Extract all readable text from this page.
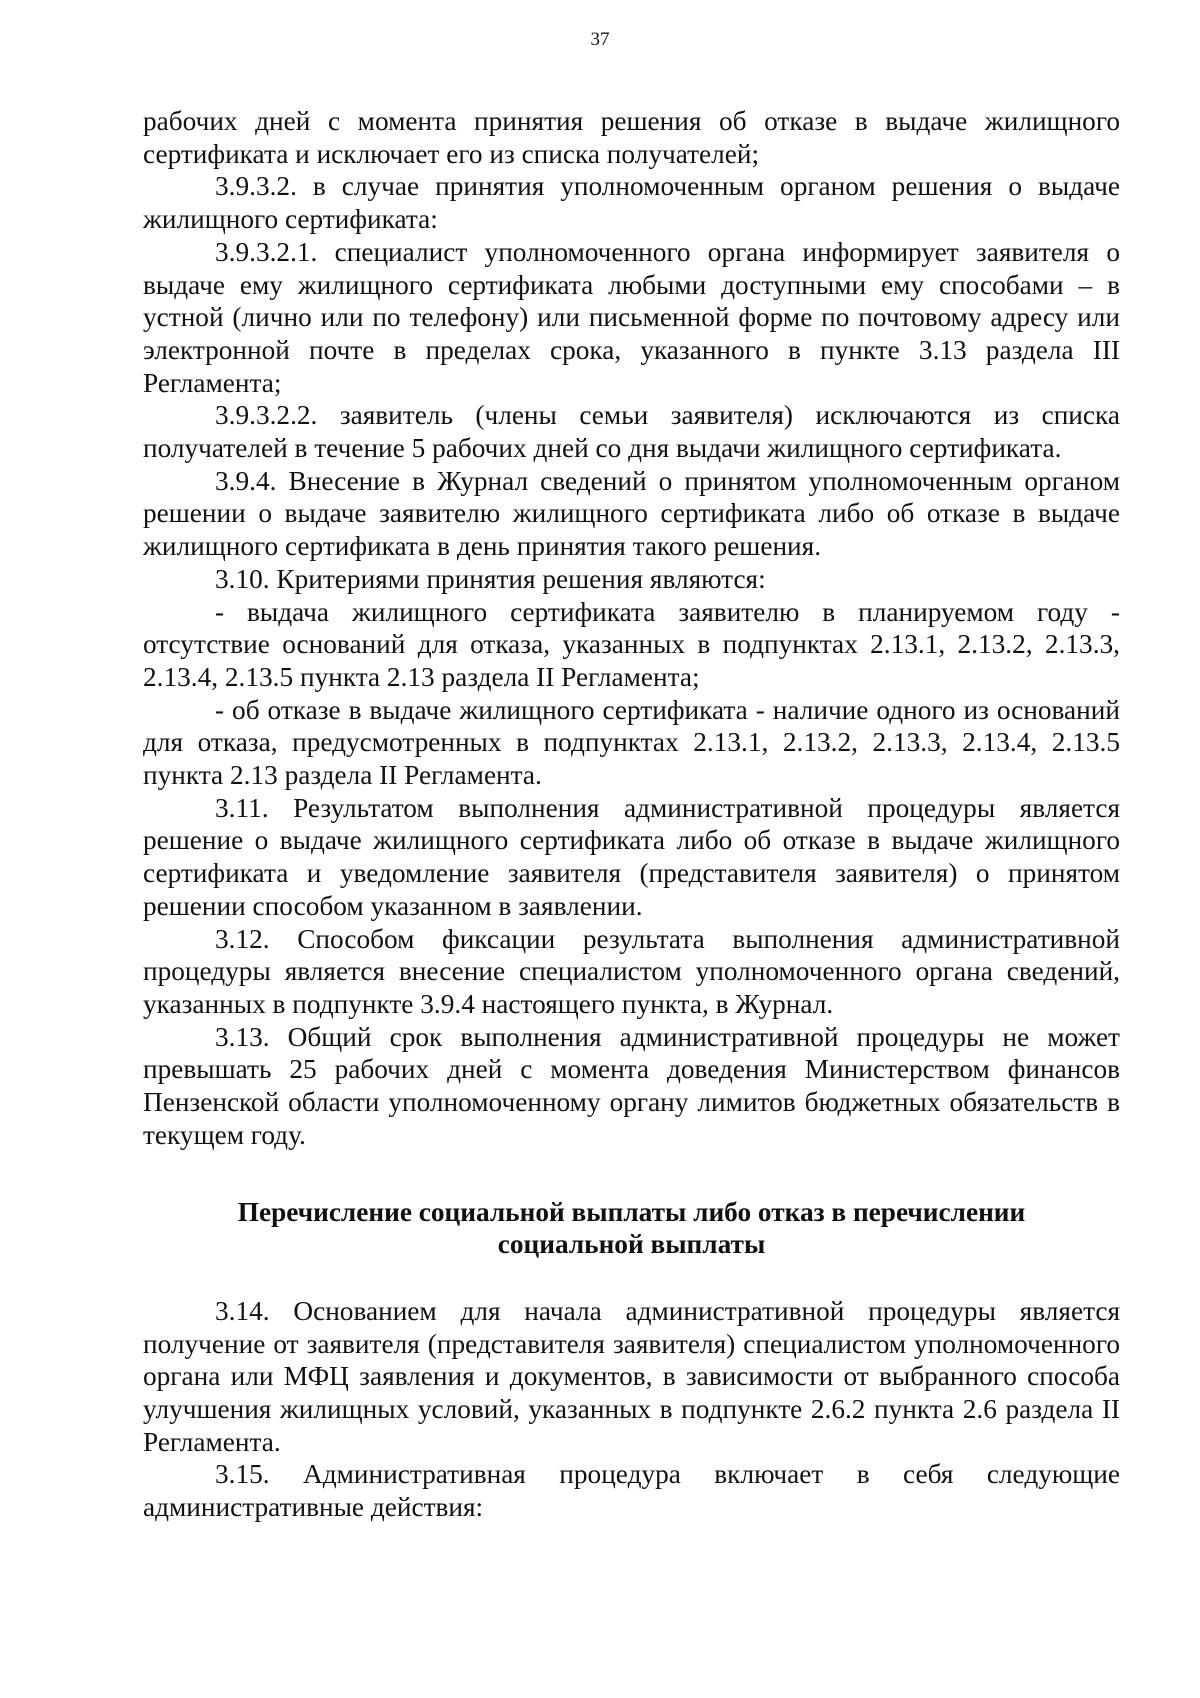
37

рабочих дней с момента принятия решения об отказе в выдаче жилищного сертификата и исключает его из списка получателей;

3.9.3.2. в случае принятия уполномоченным органом решения о выдаче жилищного сертификата:

3.9.3.2.1. специалист уполномоченного органа информирует заявителя о выдаче ему жилищного сертификата любыми доступными ему способами – в устной (лично или по телефону) или письменной форме по почтовому адресу или электронной почте в пределах срока, указанного в пункте 3.13 раздела III Регламента;

3.9.3.2.2. заявитель (члены семьи заявителя) исключаются из списка получателей в течение 5 рабочих дней со дня выдачи жилищного сертификата.

3.9.4. Внесение в Журнал сведений о принятом уполномоченным органом решении о выдаче заявителю жилищного сертификата либо об отказе в выдаче жилищного сертификата в день принятия такого решения.

3.10. Критериями принятия решения являются:

- выдача жилищного сертификата заявителю в планируемом году - отсутствие оснований для отказа, указанных в подпунктах 2.13.1, 2.13.2, 2.13.3, 2.13.4, 2.13.5 пункта 2.13 раздела II Регламента;

- об отказе в выдаче жилищного сертификата - наличие одного из оснований для отказа, предусмотренных в подпунктах 2.13.1, 2.13.2, 2.13.3, 2.13.4, 2.13.5 пункта 2.13 раздела II Регламента.

3.11. Результатом выполнения административной процедуры является решение о выдаче жилищного сертификата либо об отказе в выдаче жилищного сертификата и уведомление заявителя (представителя заявителя) о принятом решении способом указанном в заявлении.

3.12. Способом фиксации результата выполнения административной процедуры является внесение специалистом уполномоченного органа сведений, указанных в подпункте 3.9.4 настоящего пункта, в Журнал.

3.13. Общий срок выполнения административной процедуры не может превышать 25 рабочих дней с момента доведения Министерством финансов Пензенской области уполномоченному органу лимитов бюджетных обязательств в текущем году.

Перечисление социальной выплаты либо отказ в перечислении социальной выплаты

3.14. Основанием для начала административной процедуры является получение от заявителя (представителя заявителя) специалистом уполномоченного органа или МФЦ заявления и документов, в зависимости от выбранного способа улучшения жилищных условий, указанных в подпункте 2.6.2 пункта 2.6 раздела II Регламента.

3.15. Административная процедура включает в себя следующие административные действия:
